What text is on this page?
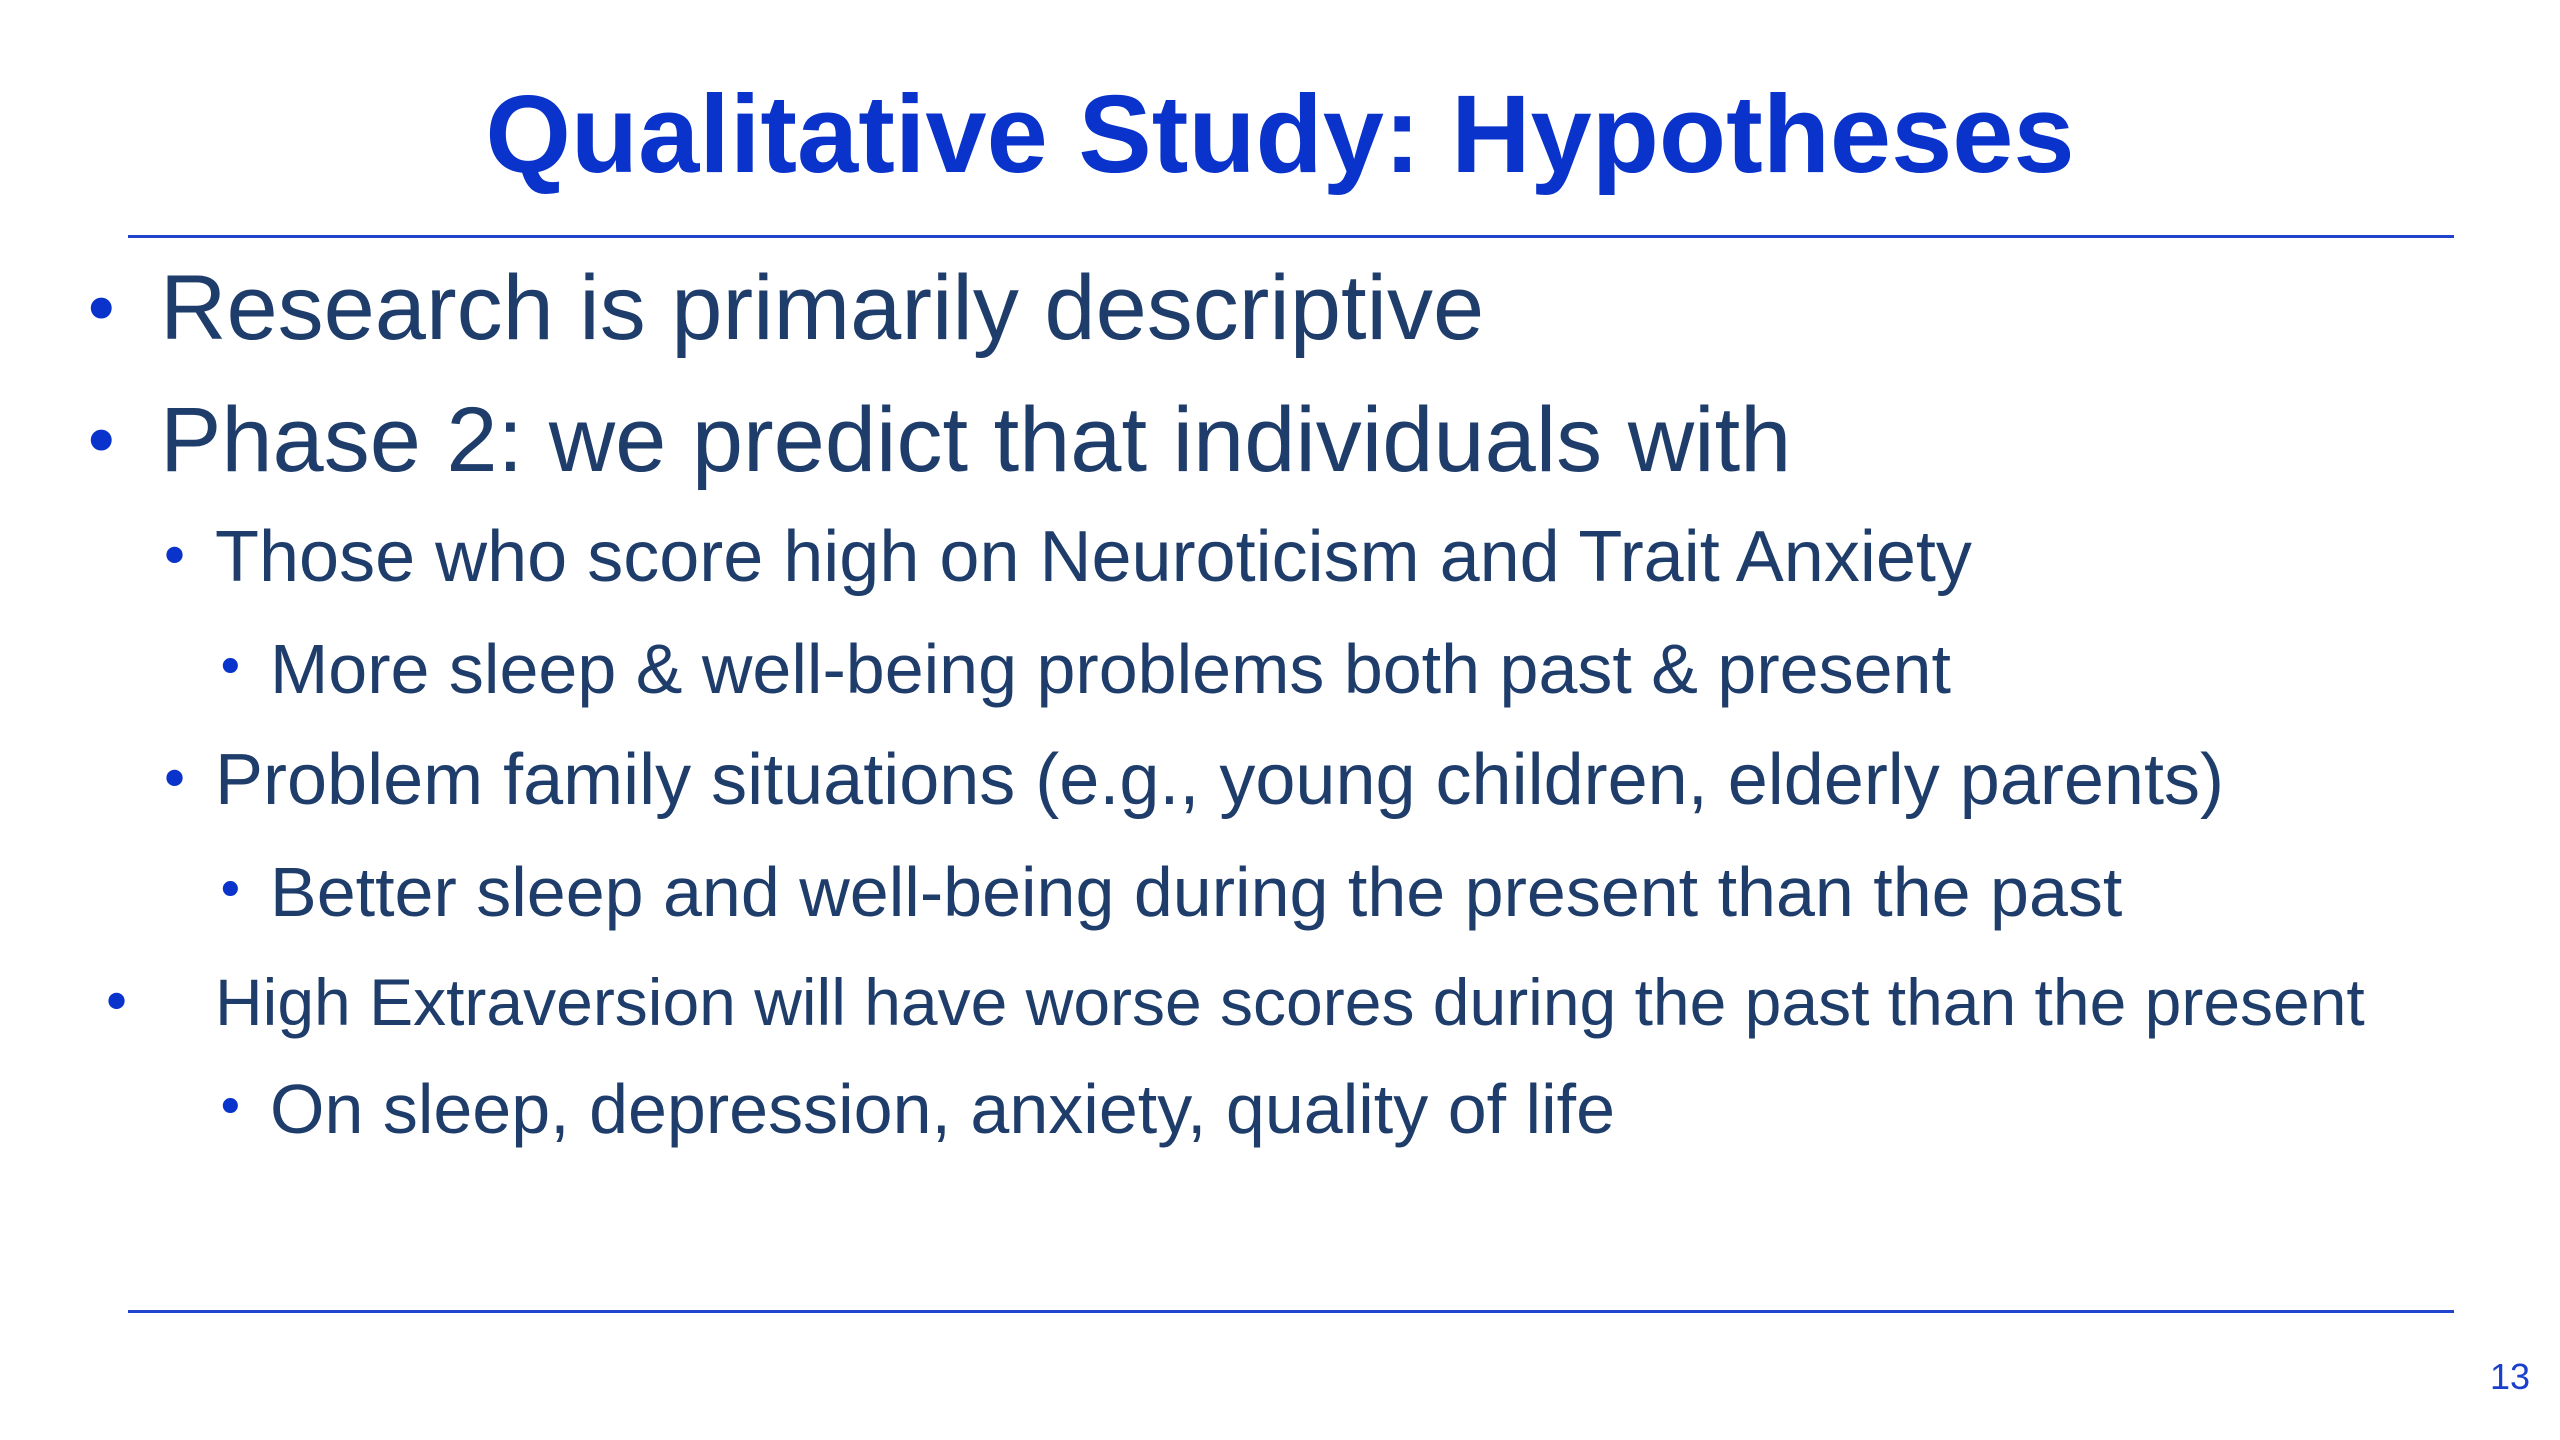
Qualitative Study: Hypotheses
• Research is primarily descriptive
• Phase 2: we predict that individuals with
• Those who score high on Neuroticism and Trait Anxiety
• More sleep & well-being problems both past & present
• Problem family situations (e.g., young children, elderly parents)
• Better sleep and well-being during the present than the past
• High Extraversion will have worse scores during the past than the present
• On sleep, depression, anxiety, quality of life
13
